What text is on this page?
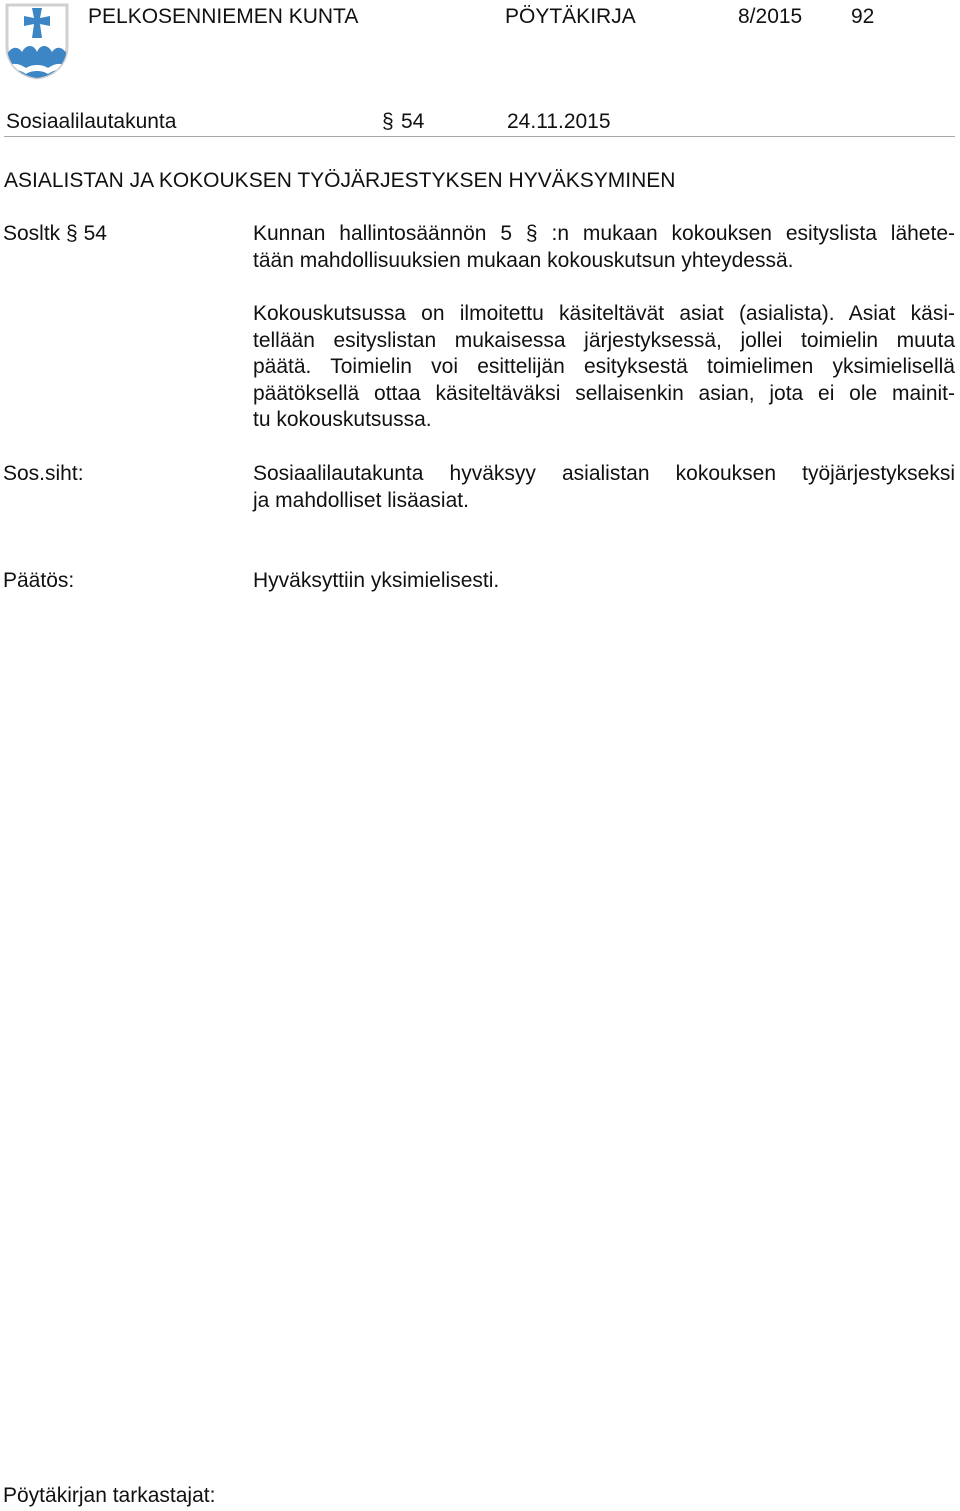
PELKOSENNIEMEN KUNTA	PÖYTÄKIRJA	8/2015 92
Sosiaalilautakunta	§ 54	24.11.2015
ASIALISTAN JA KOKOUKSEN TYÖJÄRJESTYKSEN HYVÄKSYMINEN
Sosltk § 54	Kunnan hallintosäännön 5 § :n mukaan kokouksen esityslista lähete-
tään mahdollisuuksien mukaan kokouskutsun yhteydessä.
Kokouskutsussa on ilmoitettu käsiteltävät asiat (asialista). Asiat käsi-
tellään esityslistan mukaisessa järjestyksessä, jollei toimielin muuta
päätä. Toimielin voi esittelijän esityksestä toimielimen yksimielisellä
päätöksellä ottaa käsiteltäväksi sellaisenkin asian, jota ei ole mainit-
tu kokouskutsussa.
Sos.siht:	Sosiaalilautakunta hyväksyy asialistan kokouksen työjärjestykseksi
ja mahdolliset lisäasiat.
Päätös:	Hyväksyttiin yksimielisesti.
Pöytäkirjan tarkastajat:
